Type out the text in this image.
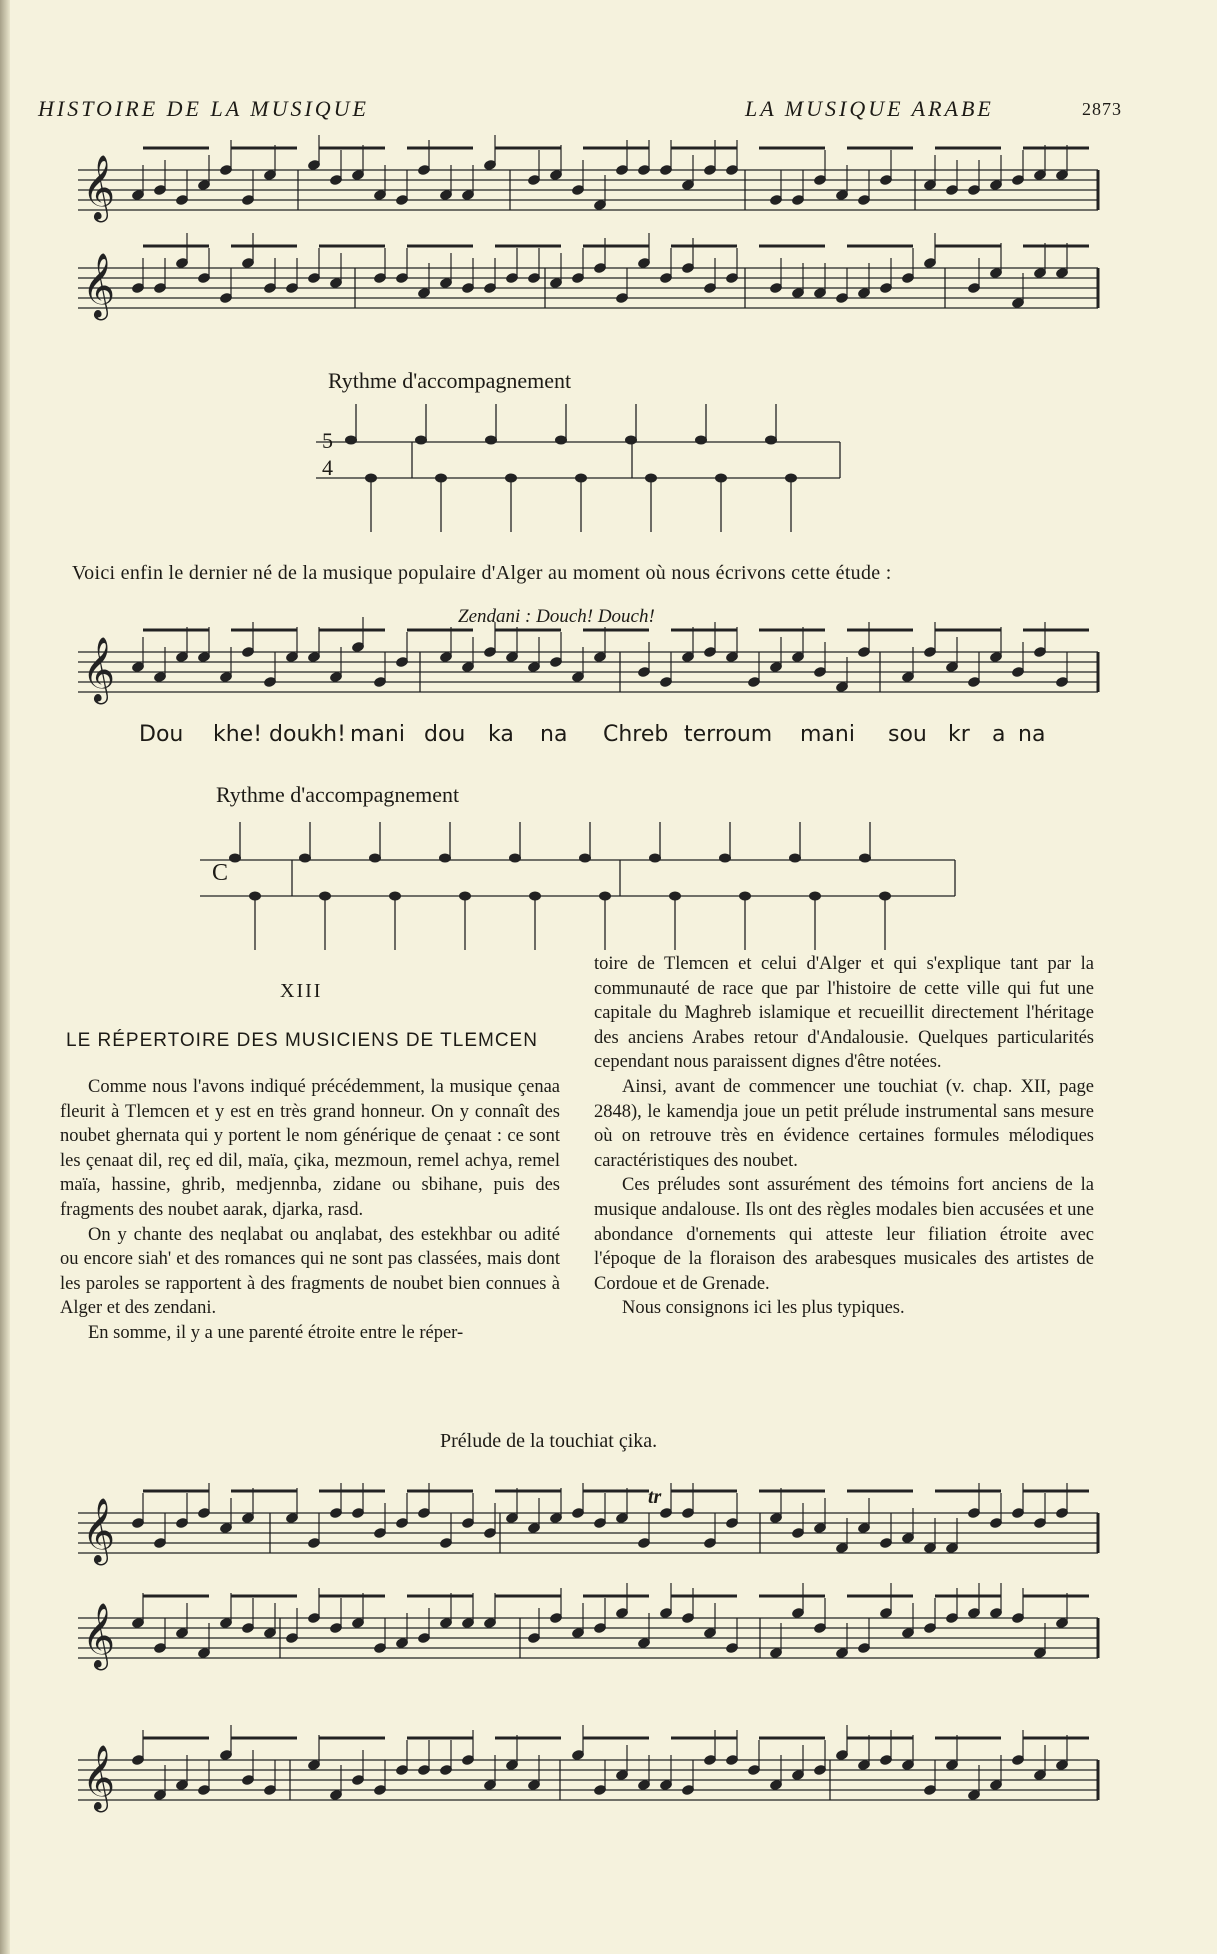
HISTOIRE DE LA MUSIQUE	LA MUSIQUE ARABE	2873
𝄞
𝄞
𝄞
𝄞
𝄞
𝄞
Rythme d'accompagnement
5
4
Voici enfin le dernier né de la musique populaire d'Alger au moment où nous écrivons cette étude :
Zendani : Douch! Douch!
Dou khe! doukh! mani dou ka na Chreb terroum mani sou kr a na
Rythme d'accompagnement
C
XIII
LE RÉPERTOIRE DES MUSICIENS DE TLEMCEN

Comme nous l'avons indiqué précédemment, la musique çenaa fleurit à Tlemcen et y est en très grand honneur. On y connaît des noubet ghernata qui y portent le nom générique de çenaat : ce sont les çenaat dil, reç ed dil, maïa, çika, mezmoun, remel achya, remel maïa, hassine, ghrib, medjennba, zidane ou sbihane, puis des fragments des noubet aarak, djarka, rasd.

On y chante des neqlabat ou anqlabat, des estekhbar ou adité ou encore siah' et des romances qui ne sont pas classées, mais dont les paroles se rapportent à des fragments de noubet bien connues à Alger et des zendani.

En somme, il y a une parenté étroite entre le réper-

toire de Tlemcen et celui d'Alger et qui s'explique tant par la communauté de race que par l'histoire de cette ville qui fut une capitale du Maghreb islamique et recueillit directement l'héritage des anciens Arabes retour d'Andalousie. Quelques particularités cependant nous paraissent dignes d'être notées.

Ainsi, avant de commencer une touchiat (v. chap. XII, page 2848), le kamendja joue un petit prélude instrumental sans mesure où on retrouve très en évidence certaines formules mélodiques caractéristiques des noubet.

Ces préludes sont assurément des témoins fort anciens de la musique andalouse. Ils ont des règles modales bien accusées et une abondance d'ornements qui atteste leur filiation étroite avec l'époque de la floraison des arabesques musicales des artistes de Cordoue et de Grenade.

Nous consignons ici les plus typiques.

Prélude de la touchiat çika.
tr
